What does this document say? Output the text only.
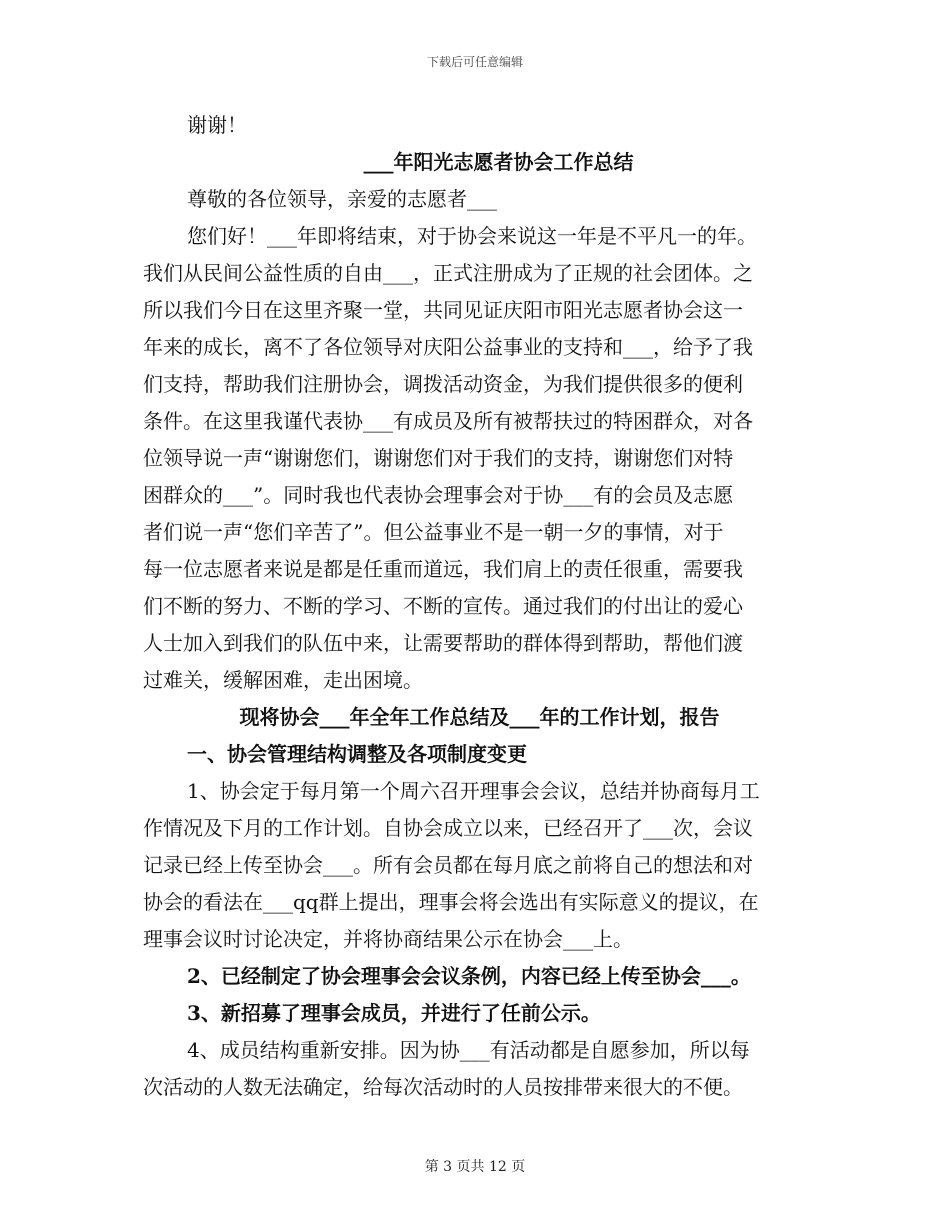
下载后可任意编辑
谢谢！
___年阳光志愿者协会工作总结
尊敬的各位领导，亲爱的志愿者___
您们好！___年即将结束，对于协会来说这一年是不平凡一的年。
我们从民间公益性质的自由___，正式注册成为了正规的社会团体。之
所以我们今日在这里齐聚一堂，共同见证庆阳市阳光志愿者协会这一
年来的成长，离不了各位领导对庆阳公益事业的支持和___，给予了我
们支持，帮助我们注册协会，调拨活动资金，为我们提供很多的便利
条件。在这里我谨代表协___有成员及所有被帮扶过的特困群众，对各
位领导说一声“谢谢您们，谢谢您们对于我们的支持，谢谢您们对特
困群众的___”。同时我也代表协会理事会对于协___有的会员及志愿
者们说一声“您们辛苦了”。但公益事业不是一朝一夕的事情，对于
每一位志愿者来说是都是任重而道远，我们肩上的责任很重，需要我
们不断的努力、不断的学习、不断的宣传。通过我们的付出让的爱心
人士加入到我们的队伍中来，让需要帮助的群体得到帮助，帮他们渡
过难关，缓解困难，走出困境。
现将协会___年全年工作总结及___年的工作计划，报告
一、协会管理结构调整及各项制度变更
1、协会定于每月第一个周六召开理事会会议，总结并协商每月工
作情况及下月的工作计划。自协会成立以来，已经召开了___次，会议
记录已经上传至协会___。所有会员都在每月底之前将自己的想法和对
协会的看法在___qq群上提出，理事会将会选出有实际意义的提议，在
理事会议时讨论决定，并将协商结果公示在协会___上。
2、已经制定了协会理事会会议条例，内容已经上传至协会___。
3、新招募了理事会成员，并进行了任前公示。
4、成员结构重新安排。因为协___有活动都是自愿参加，所以每
次活动的人数无法确定，给每次活动时的人员按排带来很大的不便。
第 3 页共 12 页
